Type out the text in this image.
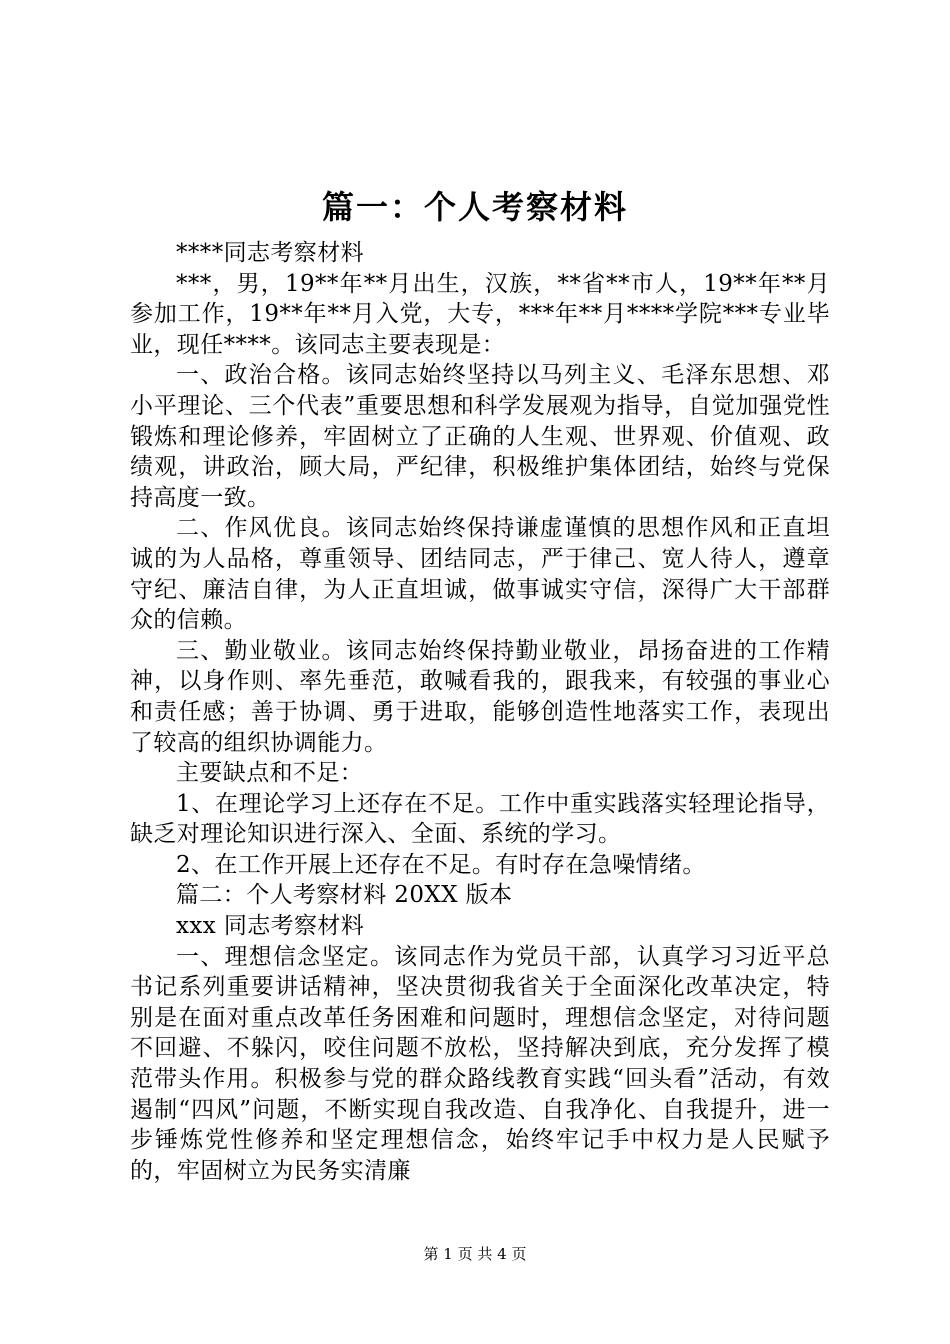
篇一：个人考察材料

****同志考察材料

***，男，19**年**月出生，汉族，**省**市人，19**年**月参加工作，19**年**月入党，大专，***年**月****学院***专业毕业，现任****。该同志主要表现是：

一、政治合格。该同志始终坚持以马列主义、毛泽东思想、邓小平理论、三个代表”重要思想和科学发展观为指导，自觉加强党性锻炼和理论修养，牢固树立了正确的人生观、世界观、价值观、政绩观，讲政治，顾大局，严纪律，积极维护集体团结，始终与党保持高度一致。

二、作风优良。该同志始终保持谦虚谨慎的思想作风和正直坦诚的为人品格，尊重领导、团结同志，严于律己、宽人待人，遵章守纪、廉洁自律，为人正直坦诚，做事诚实守信，深得广大干部群众的信赖。

三、勤业敬业。该同志始终保持勤业敬业，昂扬奋进的工作精神，以身作则、率先垂范，敢喊看我的，跟我来，有较强的事业心和责任感；善于协调、勇于进取，能够创造性地落实工作，表现出了较高的组织协调能力。

主要缺点和不足：

1、在理论学习上还存在不足。工作中重实践落实轻理论指导，缺乏对理论知识进行深入、全面、系统的学习。

2、在工作开展上还存在不足。有时存在急噪情绪。

篇二：个人考察材料 20XX 版本

xxx 同志考察材料

一、理想信念坚定。该同志作为党员干部，认真学习习近平总书记系列重要讲话精神，坚决贯彻我省关于全面深化改革决定，特别是在面对重点改革任务困难和问题时，理想信念坚定，对待问题不回避、不躲闪，咬住问题不放松，坚持解决到底，充分发挥了模范带头作用。积极参与党的群众路线教育实践“回头看”活动，有效遏制“四风”问题，不断实现自我改造、自我净化、自我提升，进一步锤炼党性修养和坚定理想信念，始终牢记手中权力是人民赋予的，牢固树立为民务实清廉

第 1 页 共 4 页
